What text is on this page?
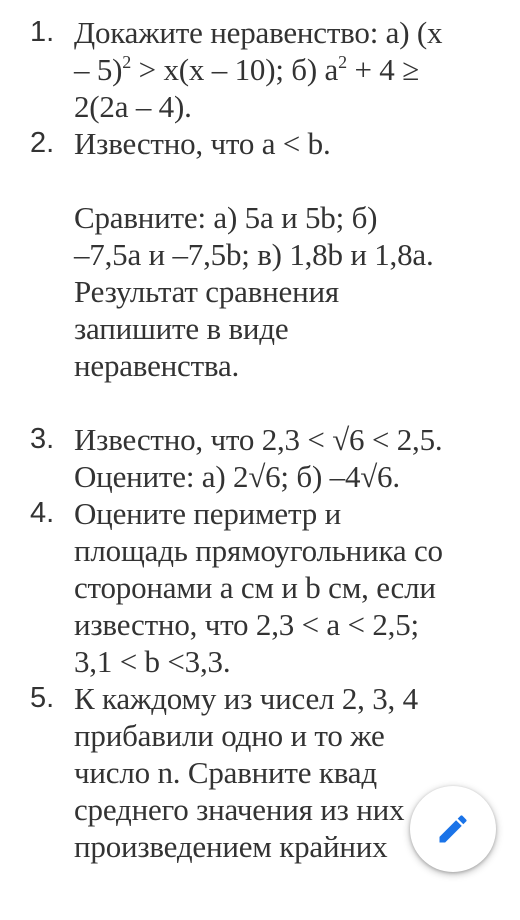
1. Докажите неравенство: а) (х
– 5)$^2$ > х(х – 10); б) $а^2 + 4$ ≥
2(2а – 4).
2. Известно, что а < b.
Сравните: а) 5а и 5b; б)
–7,5а и –7,5b; в) 1,8b и 1,8а.
Результат сравнения
запишите в виде
неравенства.
3. Известно, что 2,3 < √6 < 2,5.
Оцените: а) 2√6; б) –4√6.
4. Оцените периметр и
площадь прямоугольника со
сторонами а см и b см, если
известно, что 2,3 < а < 2,5;
3,1 < b <3,3.
5. К каждому из чисел 2, 3, 4
прибавили одно и то же
число n. Сравните квад
среднего значения из них
произведением крайних
